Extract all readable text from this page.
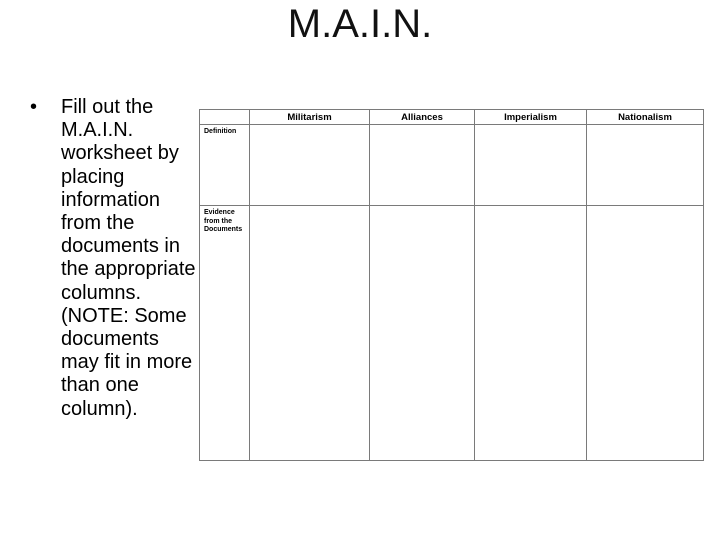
M.A.I.N.
• Fill out the M.A.I.N. worksheet by placing information from the documents in the appropriate columns. (NOTE: Some documents may fit in more than one column).
	Militarism	Alliances	Imperialism	Nationalism
Definition				
Evidence from the Documents				
